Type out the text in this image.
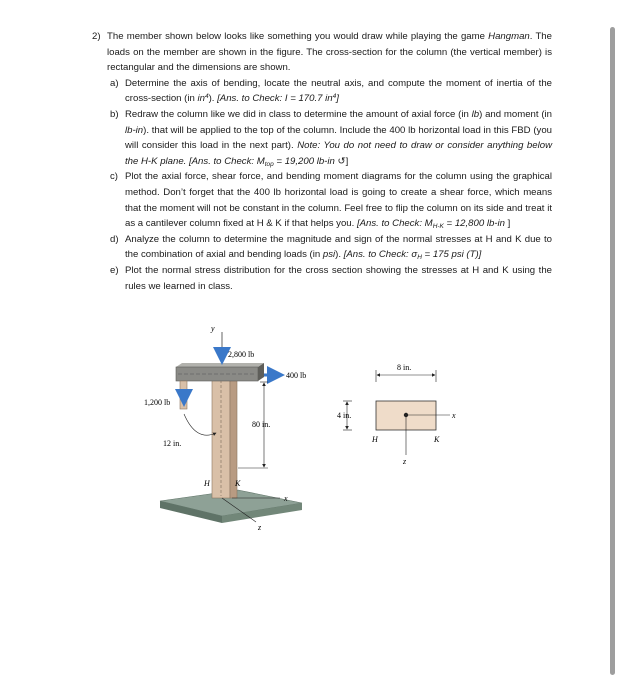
2) The member shown below looks like something you would draw while playing the game Hangman. The loads on the member are shown in the figure. The cross-section for the column (the vertical member) is rectangular and the dimensions are shown.
a) Determine the axis of bending, locate the neutral axis, and compute the moment of inertia of the cross-section (in $in^4$). [Ans. to Check: I = 170.7 $in^4$]
b) Redraw the column like we did in class to determine the amount of axial force (in lb) and moment (in lb-in). that will be applied to the top of the column. Include the 400 lb horizontal load in this FBD (you will consider this load in the next part). Note: You do not need to draw or consider anything below the H-K plane. [Ans. to Check: $M_{top} = 19,200$ lb-in ↺]
c) Plot the axial force, shear force, and bending moment diagrams for the column using the graphical method. Don’t forget that the 400 lb horizontal load is going to create a shear force, which means that the moment will not be constant in the column. Feel free to flip the column on its side and treat it as a cantilever column fixed at H & K if that helps you. [Ans. to Check: $M_{H-K} = 12,800$ lb-in ]
d) Analyze the column to determine the magnitude and sign of the normal stresses at H and K due to the combination of axial and bending loads (in psi). [Ans. to Check: $\sigma_H = 175$ psi (T)]
e) Plot the normal stress distribution for the cross section showing the stresses at H and K using the rules we learned in class.
y
2,800 lb
400 lb
1,200 lb
12 in.
80 in.
H	K
x
z
8 in.
4 in.	x
z
H	K
